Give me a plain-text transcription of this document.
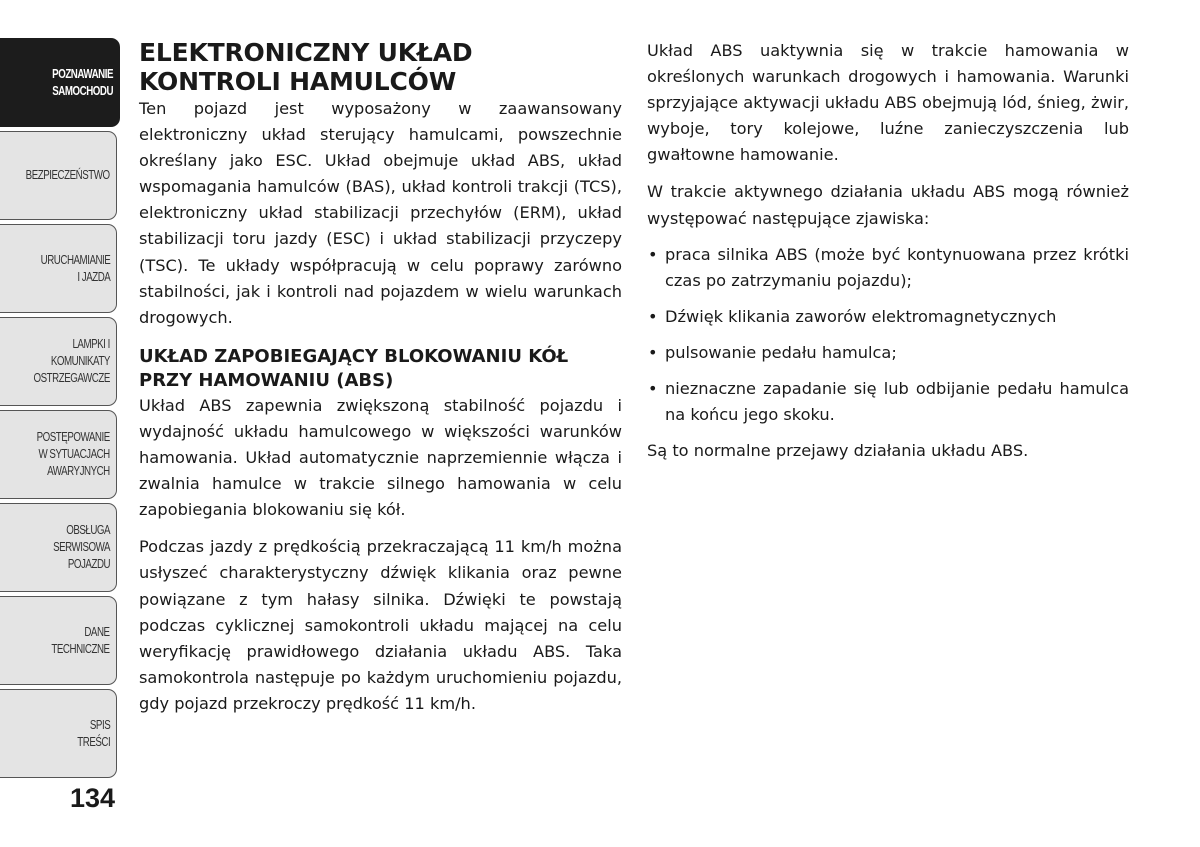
POZNAWANIE
SAMOCHODU
BEZPIECZEŃSTWO
URUCHAMIANIE
I JAZDA
LAMPKI I
KOMUNIKATY
OSTRZEGAWCZE
POSTĘPOWANIE
W SYTUACJACH
AWARYJNYCH
OBSŁUGA
SERWISOWA
POJAZDU
DANE
TECHNICZNE
SPIS
TREŚCI
134
ELEKTRONICZNY UKŁAD KONTROLI HAMULCÓW

Ten pojazd jest wyposażony w zaawansowany elektroniczny układ sterujący hamulcami, powszechnie określany jako ESC. Układ obejmuje układ ABS, układ wspomagania hamulców (BAS), układ kontroli trakcji (TCS), elektroniczny układ stabilizacji przechyłów (ERM), układ stabilizacji toru jazdy (ESC) i układ stabilizacji przyczepy (TSC). Te układy współpracują w celu poprawy zarówno stabilności, jak i kontroli nad pojazdem w wielu warunkach drogowych.

UKŁAD ZAPOBIEGAJĄCY BLOKOWANIU KÓŁ PRZY HAMOWANIU (ABS)

Układ ABS zapewnia zwiększoną stabilność pojazdu i wydajność układu hamulcowego w większości warunków hamowania. Układ automatycznie naprzemiennie włącza i zwalnia hamulce w trakcie silnego hamowania w celu zapobiegania blokowaniu się kół.

Podczas jazdy z prędkością przekraczającą 11 km/h można usłyszeć charakterystyczny dźwięk klikania oraz pewne powiązane z tym hałasy silnika. Dźwięki te powstają podczas cyklicznej samokontroli układu mającej na celu weryfikację prawidłowego działania układu ABS. Taka samokontrola następuje po każdym uruchomieniu pojazdu, gdy pojazd przekroczy prędkość 11 km/h.

Układ ABS uaktywnia się w trakcie hamowania w określonych warunkach drogowych i hamowania. Warunki sprzyjające aktywacji układu ABS obejmują lód, śnieg, żwir, wyboje, tory kolejowe, luźne zanieczyszczenia lub gwałtowne hamowanie.

W trakcie aktywnego działania układu ABS mogą również występować następujące zjawiska:

• praca silnika ABS (może być kontynuowana przez krótki czas po zatrzymaniu pojazdu);
• Dźwięk klikania zaworów elektromagnetycznych
• pulsowanie pedału hamulca;
• nieznaczne zapadanie się lub odbijanie pedału hamulca na końcu jego skoku.

Są to normalne przejawy działania układu ABS.
